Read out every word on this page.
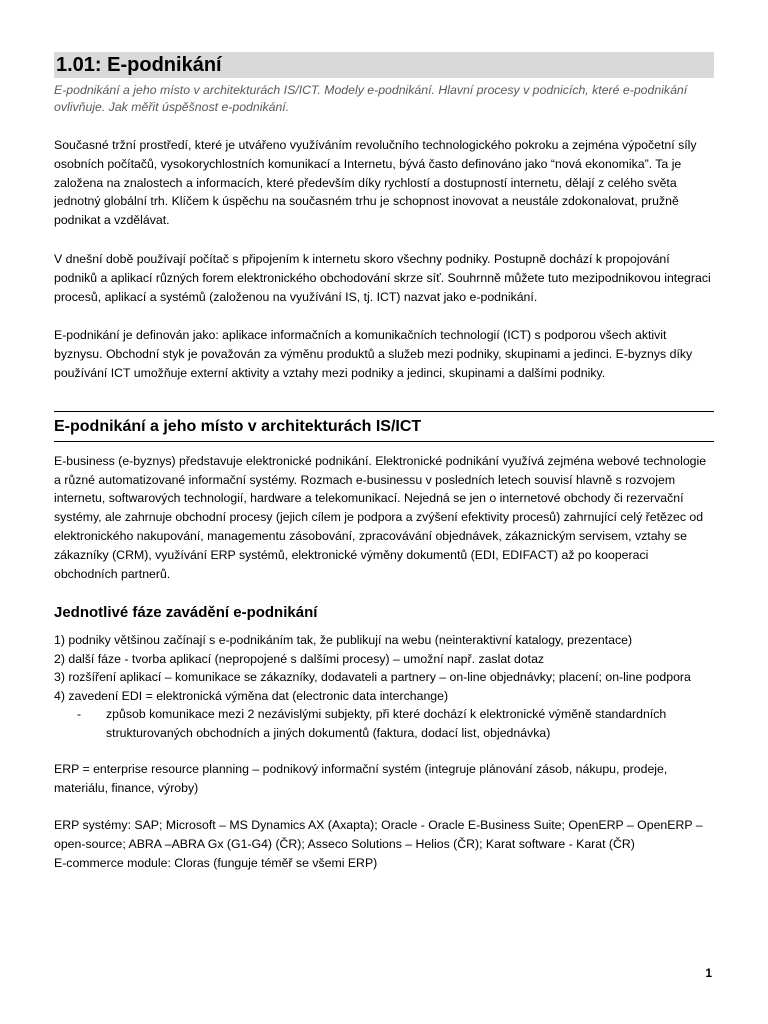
1.01: E-podnikání

E-podnikání a jeho místo v architekturách IS/ICT. Modely e-podnikání. Hlavní procesy v podnicích, které e-podnikání ovlivňuje. Jak měřit úspěšnost e-podnikání.

Současné tržní prostředí, které je utvářeno využíváním revolučního technologického pokroku a zejména výpočetní síly osobních počítačů, vysokorychlostních komunikací a Internetu, bývá často definováno jako “nová ekonomika”. Ta je založena na znalostech a informacích, které především díky rychlostí a dostupností internetu, dělají z celého světa jednotný globální trh. Klíčem k úspěchu na současném trhu je schopnost inovovat a neustále zdokonalovat, pružně podnikat a vzdělávat.

V dnešní době používají počítač s připojením k internetu skoro všechny podniky. Postupně dochází k propojování podniků a aplikací různých forem elektronického obchodování skrze síť. Souhrnně můžete tuto mezipodnikovou integraci procesů, aplikací a systémů (založenou na využívání IS, tj. ICT) nazvat jako e-podnikání.

E-podnikání je definován jako: aplikace informačních a komunikačních technologií (ICT) s podporou všech aktivit byznysu. Obchodní styk je považován za výměnu produktů a služeb mezi podniky, skupinami a jedinci. E-byznys díky používání ICT umožňuje externí aktivity a vztahy mezi podniky a jedinci, skupinami a dalšími podniky.

E-podnikání a jeho místo v architekturách IS/ICT

E-business (e-byznys) představuje elektronické podnikání. Elektronické podnikání využívá zejména webové technologie a různé automatizované informační systémy. Rozmach e-businessu v posledních letech souvisí hlavně s rozvojem internetu, softwarových technologií, hardware a telekomunikací. Nejedná se jen o internetové obchody či rezervační systémy, ale zahrnuje obchodní procesy (jejich cílem je podpora a zvýšení efektivity procesů) zahrnující celý řetězec od elektronického nakupování, managementu zásobování, zpracovávání objednávek, zákaznickým servisem, vztahy se zákazníky (CRM), využívání ERP systémů, elektronické výměny dokumentů (EDI, EDIFACT) až po kooperaci obchodních partnerů.

Jednotlivé fáze zavádění e-podnikání

1) podniky většinou začínají s e-podnikáním tak, že publikují na webu (neinteraktivní katalogy, prezentace)

2) další fáze - tvorba aplikací (nepropojené s dalšími procesy) – umožní např. zaslat dotaz

3) rozšíření aplikací – komunikace se zákazníky, dodavateli a partnery – on-line objednávky; placení; on-line podpora

4) zavedení EDI = elektronická výměna dat (electronic data interchange)

-	způsob komunikace mezi 2 nezávislými subjekty, při které dochází k elektronické výměně standardních strukturovaných obchodních a jiných dokumentů (faktura, dodací list, objednávka)

ERP = enterprise resource planning – podnikový informační systém (integruje plánování zásob, nákupu, prodeje, materiálu, finance, výroby)

ERP systémy: SAP; Microsoft – MS Dynamics AX (Axapta); Oracle - Oracle E-Business Suite; OpenERP – OpenERP – open-source; ABRA –ABRA Gx (G1-G4) (ČR); Asseco Solutions – Helios (ČR); Karat software - Karat (ČR)

E-commerce module: Cloras (funguje téměř se všemi ERP)

1
